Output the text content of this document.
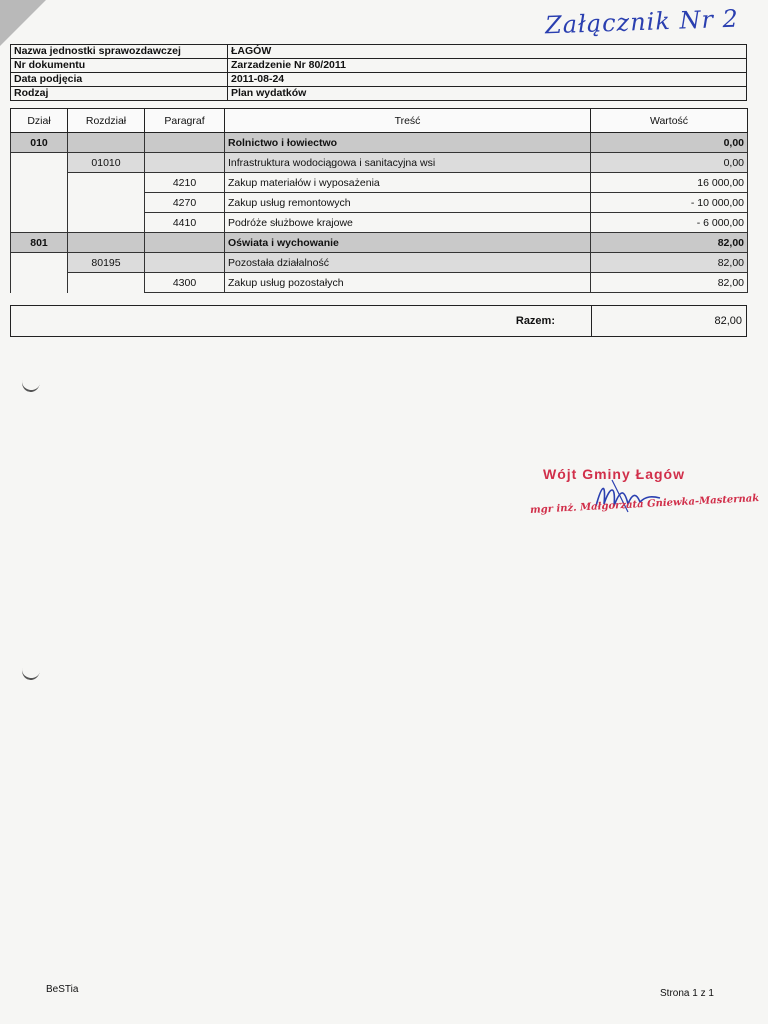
Załącznik Nr 2
Nazwa jednostki sprawozdawczej	ŁAGÓW
Nr dokumentu	Zarzadzenie Nr 80/2011
Data podjęcia	2011-08-24
Rodzaj	Plan wydatków
Dział	Rozdział	Paragraf	Treść	Wartość
010			Rolnictwo i łowiectwo	0,00
	01010		Infrastruktura wodociągowa i sanitacyjna wsi	0,00
		4210	Zakup materiałów i wyposażenia	16 000,00
		4270	Zakup usług remontowych	- 10 000,00
		4410	Podróże służbowe krajowe	- 6 000,00
801			Oświata i wychowanie	82,00
	80195		Pozostała działalność	82,00
		4300	Zakup usług pozostałych	82,00
Razem:	82,00
Wójt Gminy Łagów
mgr inż. Małgorzata Gniewka-Masternak
BeSTia	Strona 1 z 1
